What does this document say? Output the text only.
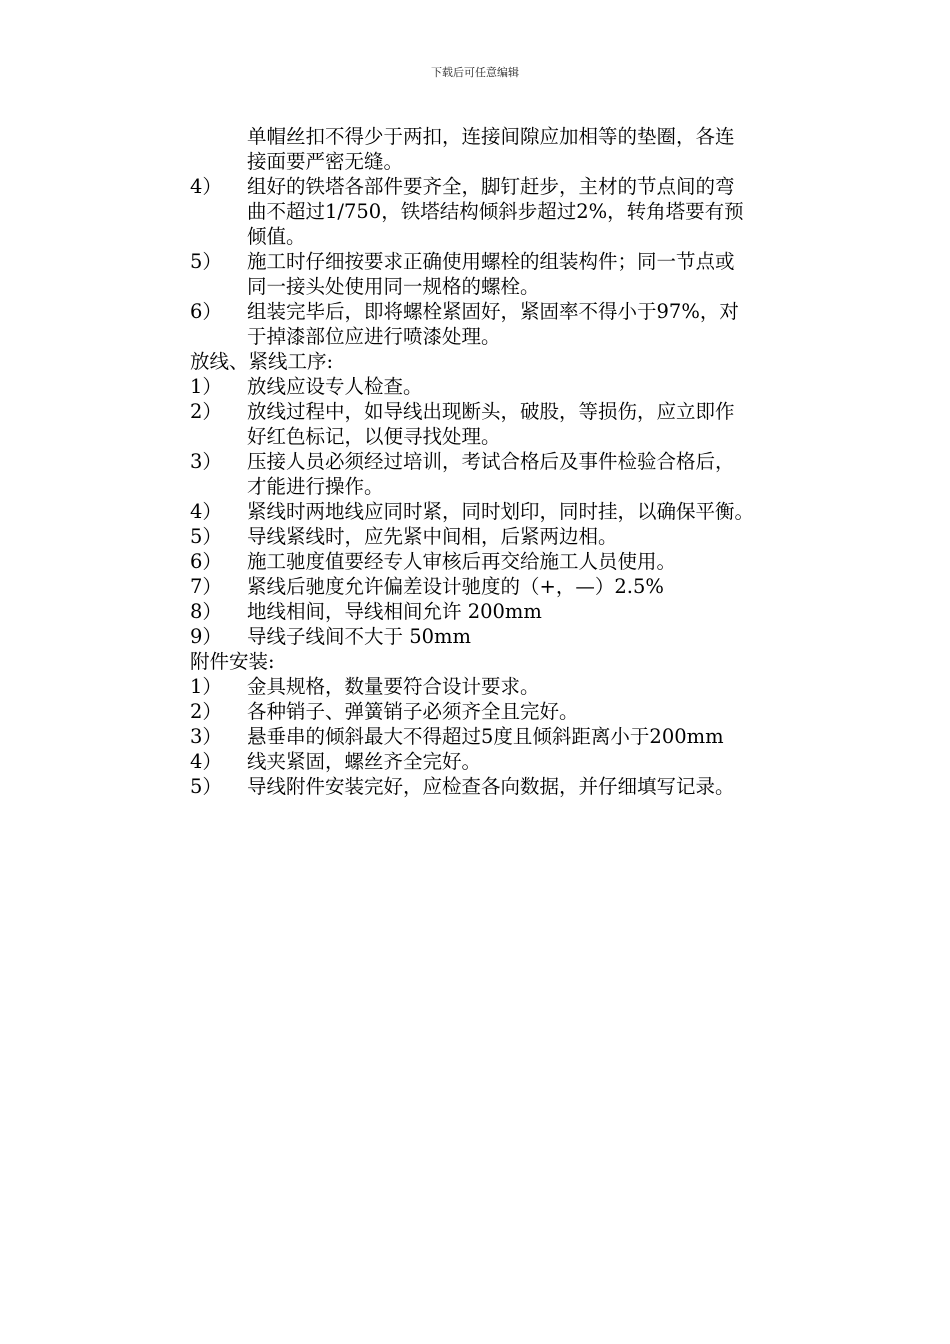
下载后可任意编辑
单帽丝扣不得少于两扣，连接间隙应加相等的垫圈，各连
接面要严密无缝。
4）	组好的铁塔各部件要齐全，脚钉赶步，主材的节点间的弯
曲不超过1/750，铁塔结构倾斜步超过2%，转角塔要有预
倾值。
5）	施工时仔细按要求正确使用螺栓的组装构件；同一节点或
同一接头处使用同一规格的螺栓。
6）	组装完毕后，即将螺栓紧固好，紧固率不得小于97%，对
于掉漆部位应进行喷漆处理。
放线、紧线工序:
1）	放线应设专人检查。
2）	放线过程中，如导线出现断头，破股，等损伤，应立即作
好红色标记，以便寻找处理。
3）	压接人员必须经过培训，考试合格后及事件检验合格后，
才能进行操作。
4）	紧线时两地线应同时紧，同时划印，同时挂，以确保平衡。
5）	导线紧线时，应先紧中间相，后紧两边相。
6）	施工驰度值要经专人审核后再交给施工人员使用。
7）	紧线后驰度允许偏差设计驰度的（+，—）2.5%
8）	地线相间，导线相间允许 200mm
9）	导线子线间不大于 50mm
附件安装:
1）	金具规格，数量要符合设计要求。
2）	各种销子、弹簧销子必须齐全且完好。
3）	悬垂串的倾斜最大不得超过5度且倾斜距离小于200mm
4）	线夹紧固，螺丝齐全完好。
5）	导线附件安装完好，应检查各向数据，并仔细填写记录。
